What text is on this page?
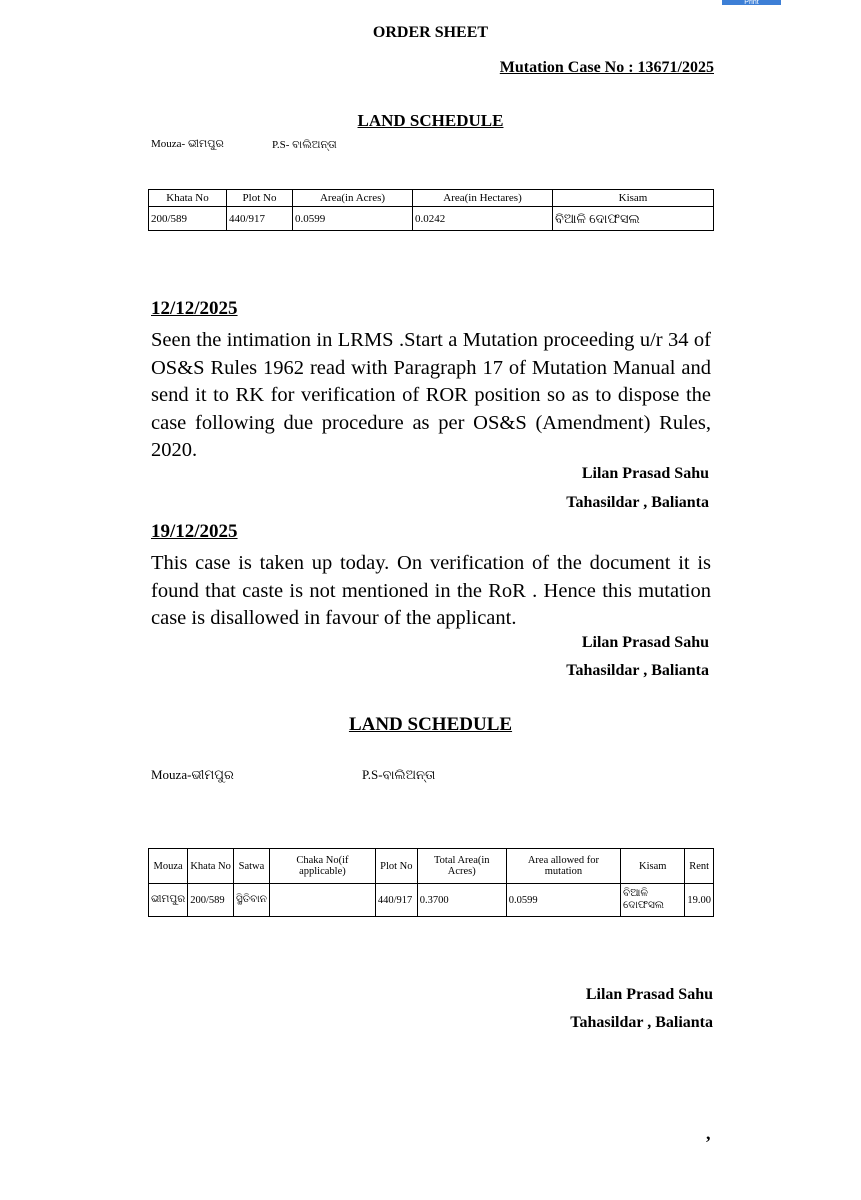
Print
ORDER SHEET
Mutation Case No : 13671/2025
LAND SCHEDULE
Mouza- ଭୀମପୁର	P.S- ବାଲିଅନ୍ତା
Khata No	Plot No	Area(in Acres)	Area(in Hectares)	Kisam
200/589	440/917	0.0599	0.0242	ବିଆଳି ଦୋଫସଲ
12/12/2025
Seen the intimation in LRMS .Start a Mutation proceeding u/r 34 of OS&S Rules 1962 read with Paragraph 17 of Mutation Manual and send it to RK for verification of ROR position so as to dispose the case following due procedure as per OS&S (Amendment) Rules, 2020.
Lilan Prasad Sahu
Tahasildar , Balianta
19/12/2025
This case is taken up today. On verification of the document it is found that caste is not mentioned in the RoR . Hence this mutation case is disallowed in favour of the applicant.
Lilan Prasad Sahu
Tahasildar , Balianta
LAND SCHEDULE
Mouza-ଭୀମପୁର	P.S-ବାଲିଅନ୍ତା
Mouza	Khata No	Satwa	Chaka No(if applicable)	Plot No	Total Area(in Acres)	Area allowed for mutation	Kisam	Rent
ଭୀମପୁର	200/589	ସ୍ଥିତିବାନ		440/917	0.3700	0.0599	ବିଆଳି ଦୋଫସଲ	19.00
Lilan Prasad Sahu
Tahasildar , Balianta
,
